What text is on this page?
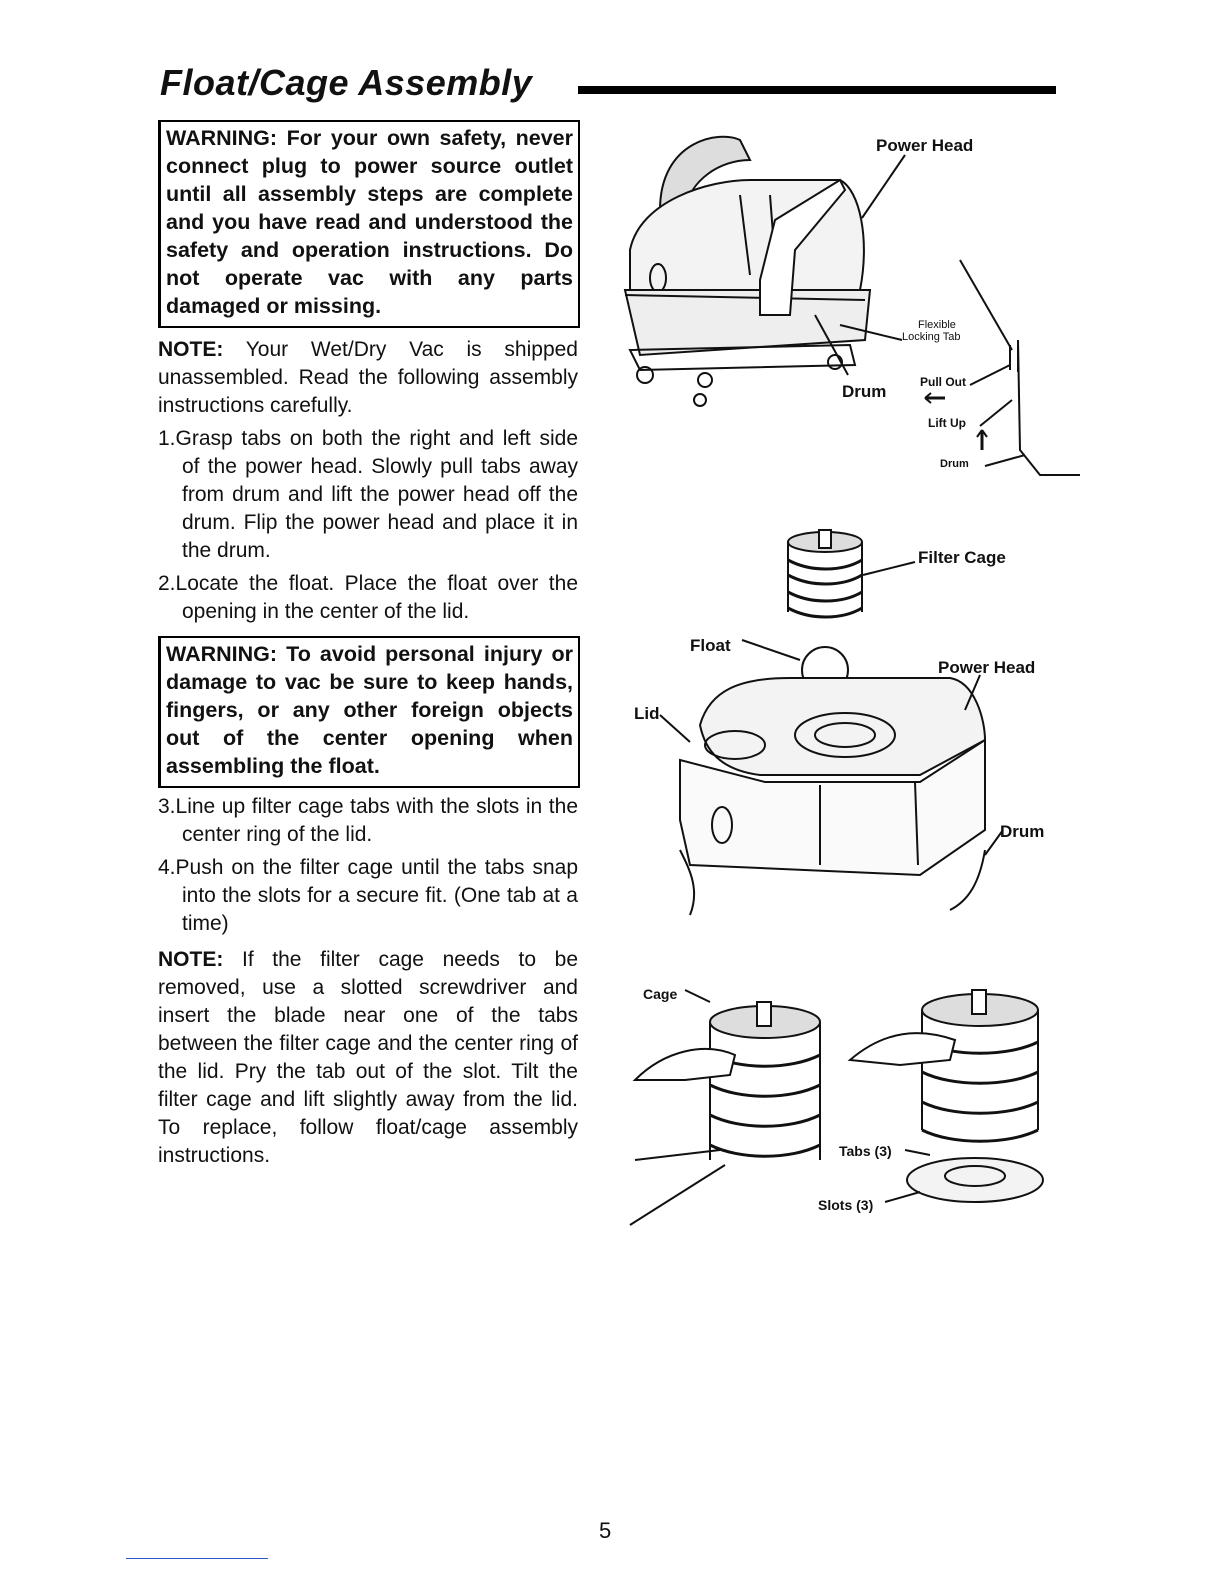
Float/Cage Assembly
WARNING: For your own safety, never connect plug to power source outlet until all assembly steps are complete and you have read and understood the safety and operation instructions. Do not operate vac with any parts damaged or missing.

NOTE: Your Wet/Dry Vac is shipped unassembled. Read the following assembly instructions carefully.

1.Grasp tabs on both the right and left side of the power head. Slowly pull tabs away from drum and lift the power head off the drum. Flip the power head and place it in the drum.
2.Locate the float. Place the float over the opening in the center of the lid.
WARNING: To avoid personal injury or damage to vac be sure to keep hands, fingers, or any other foreign objects out of the center opening when assembling the float.
3.Line up filter cage tabs with the slots in the center ring of the lid.
4.Push on the filter cage until the tabs snap into the slots for a secure fit. (One tab at a time)

NOTE: If the filter cage needs to be removed, use a slotted screwdriver and insert the blade near one of the tabs between the filter cage and the center ring of the lid. Pry the tab out of the slot. Tilt the filter cage and lift slightly away from the lid. To replace, follow float/cage assembly instructions.

Power Head
Drum
Flexible
Locking Tab
Pull Out
Lift Up
Drum
Filter Cage
Float
Power Head
Lid
Drum
Cage
Tabs (3)
Slots (3)
5
